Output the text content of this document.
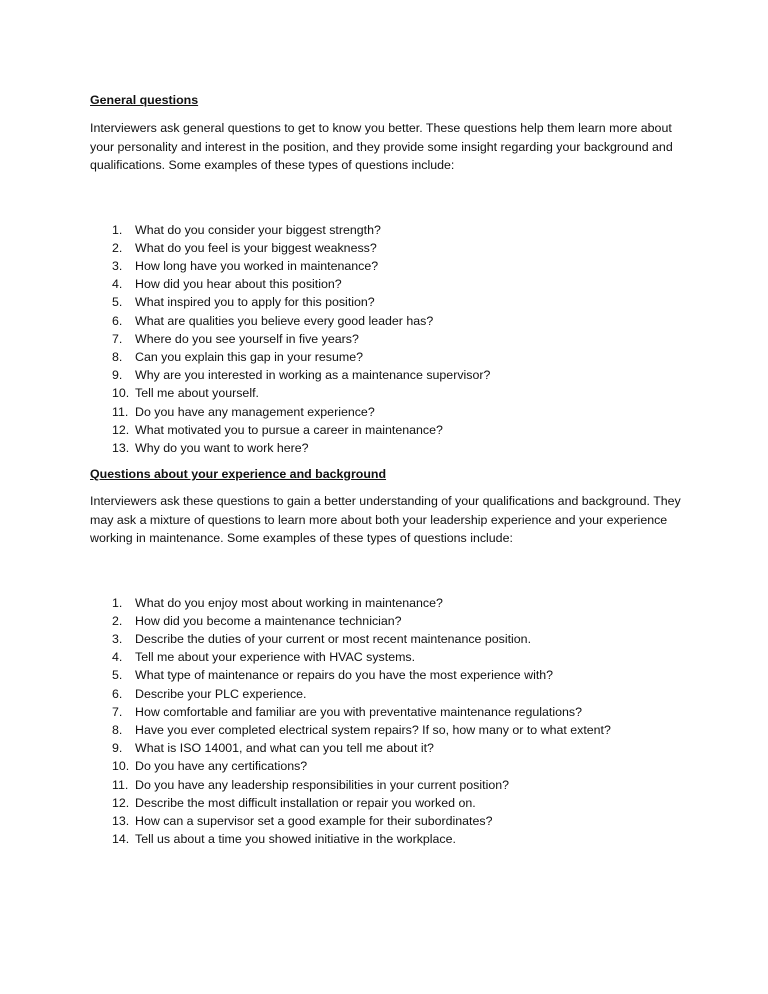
General questions

Interviewers ask general questions to get to know you better. These questions help them learn more about your personality and interest in the position, and they provide some insight regarding your background and qualifications. Some examples of these types of questions include:

1.	What do you consider your biggest strength?
2.	What do you feel is your biggest weakness?
3.	How long have you worked in maintenance?
4.	How did you hear about this position?
5.	What inspired you to apply for this position?
6.	What are qualities you believe every good leader has?
7.	Where do you see yourself in five years?
8.	Can you explain this gap in your resume?
9.	Why are you interested in working as a maintenance supervisor?
10. Tell me about yourself.
11. Do you have any management experience?
12. What motivated you to pursue a career in maintenance?
13. Why do you want to work here?

Questions about your experience and background

Interviewers ask these questions to gain a better understanding of your qualifications and background. They may ask a mixture of questions to learn more about both your leadership experience and your experience working in maintenance. Some examples of these types of questions include:

1.	What do you enjoy most about working in maintenance?
2.	How did you become a maintenance technician?
3.	Describe the duties of your current or most recent maintenance position.
4.	Tell me about your experience with HVAC systems.
5.	What type of maintenance or repairs do you have the most experience with?
6.	Describe your PLC experience.
7.	How comfortable and familiar are you with preventative maintenance regulations?
8.	Have you ever completed electrical system repairs? If so, how many or to what extent?
9.	What is ISO 14001, and what can you tell me about it?
10. Do you have any certifications?
11. Do you have any leadership responsibilities in your current position?
12. Describe the most difficult installation or repair you worked on.
13. How can a supervisor set a good example for their subordinates?
14. Tell us about a time you showed initiative in the workplace.
